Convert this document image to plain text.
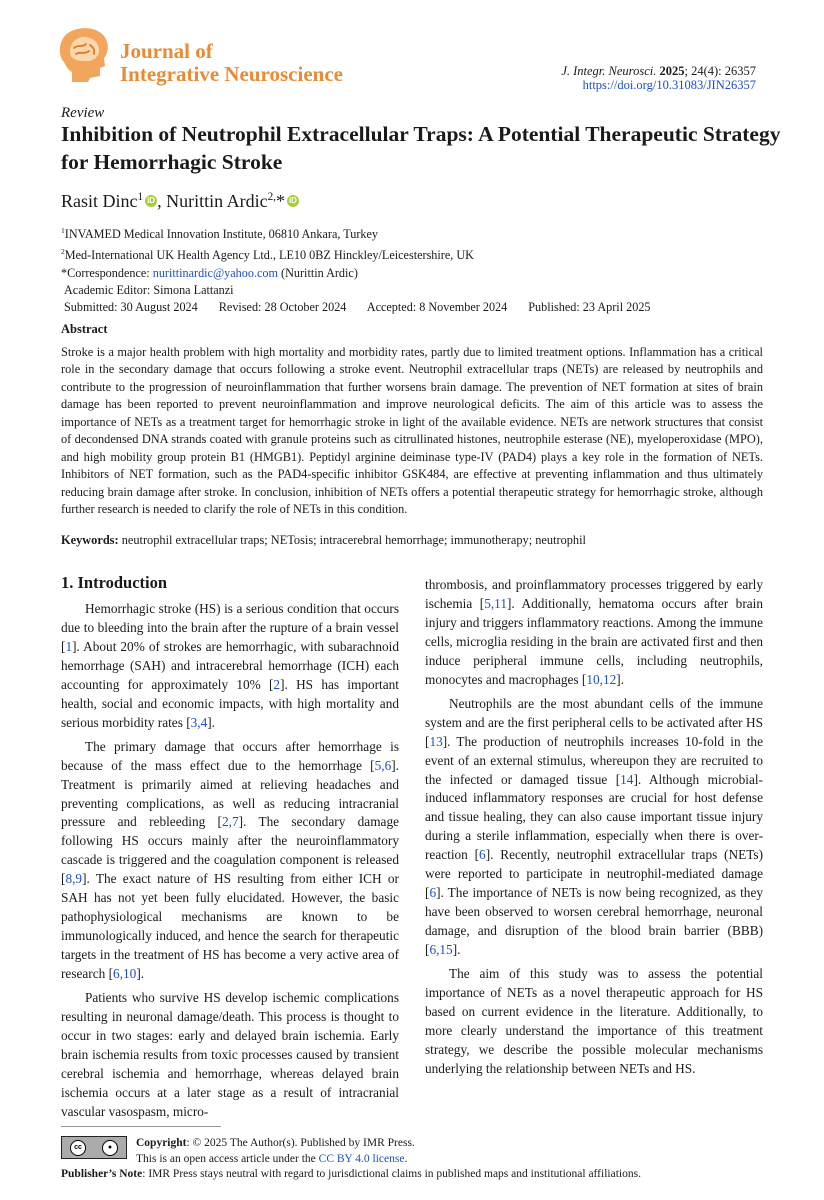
Journal of
Integrative Neuroscience	J. Integr. Neurosci. 2025; 24(4): 26357
https://doi.org/10.31083/JIN26357
Review
Inhibition of Neutrophil Extracellular Traps: A Potential Therapeutic Strategy for Hemorrhagic Stroke
Rasit Dinc$^1$ iD , Nurittin Ardic$^{2,}$* iD
$^1$INVAMED Medical Innovation Institute, 06810 Ankara, Turkey
$^2$Med-International UK Health Agency Ltd., LE10 0BZ Hinckley/Leicestershire, UK
*Correspondence: nurittinardic@yahoo.com (Nurittin Ardic)
Academic Editor: Simona Lattanzi
Submitted: 30 August 2024 Revised: 28 October 2024 Accepted: 8 November 2024 Published: 23 April 2025
Abstract

Stroke is a major health problem with high mortality and morbidity rates, partly due to limited treatment options. Inflammation has a critical role in the secondary damage that occurs following a stroke event. Neutrophil extracellular traps (NETs) are released by neutrophils and contribute to the progression of neuroinflammation that further worsens brain damage. The prevention of NET formation at sites of brain damage has been reported to prevent neuroinflammation and improve neurological deficits. The aim of this article was to assess the importance of NETs as a treatment target for hemorrhagic stroke in light of the available evidence. NETs are network structures that consist of decondensed DNA strands coated with granule proteins such as citrullinated histones, neutrophile esterase (NE), myeloperoxidase (MPO), and high mobility group protein B1 (HMGB1). Peptidyl arginine deiminase type-IV (PAD4) plays a key role in the formation of NETs. Inhibitors of NET formation, such as the PAD4-specific inhibitor GSK484, are effective at preventing inflammation and thus ultimately reducing brain damage after stroke. In conclusion, inhibition of NETs offers a potential therapeutic strategy for hemorrhagic stroke, although further research is needed to clarify the role of NETs in this condition.

Keywords: neutrophil extracellular traps; NETosis; intracerebral hemorrhage; immunotherapy; neutrophil
1. Introduction

Hemorrhagic stroke (HS) is a serious condition that occurs due to bleeding into the brain after the rupture of a brain vessel [1]. About 20% of strokes are hemorrhagic, with subarachnoid hemorrhage (SAH) and intracerebral hemorrhage (ICH) each accounting for approximately 10% [2]. HS has important health, social and economic impacts, with high mortality and serious morbidity rates [3,4].

The primary damage that occurs after hemorrhage is because of the mass effect due to the hemorrhage [5,6]. Treatment is primarily aimed at relieving headaches and preventing complications, as well as reducing intracranial pressure and rebleeding [2,7]. The secondary damage following HS occurs mainly after the neuroinflammatory cascade is triggered and the coagulation component is released [8,9]. The exact nature of HS resulting from either ICH or SAH has not yet been fully elucidated. However, the basic pathophysiological mechanisms are known to be immunologically induced, and hence the search for therapeutic targets in the treatment of HS has become a very active area of research [6,10].

Patients who survive HS develop ischemic complications resulting in neuronal damage/death. This process is thought to occur in two stages: early and delayed brain ischemia. Early brain ischemia results from toxic processes caused by transient cerebral ischemia and hemorrhage, whereas delayed brain ischemia occurs at a later stage as a result of intracranial vascular vasospasm, micro-

thrombosis, and proinflammatory processes triggered by early ischemia [5,11]. Additionally, hematoma occurs after brain injury and triggers inflammatory reactions. Among the immune cells, microglia residing in the brain are activated first and then induce peripheral immune cells, including neutrophils, monocytes and macrophages [10,12].

Neutrophils are the most abundant cells of the immune system and are the first peripheral cells to be activated after HS [13]. The production of neutrophils increases 10-fold in the event of an external stimulus, whereupon they are recruited to the infected or damaged tissue [14]. Although microbial-induced inflammatory responses are crucial for host defense and tissue healing, they can also cause important tissue injury during a sterile inflammation, especially when there is over-reaction [6]. Recently, neutrophil extracellular traps (NETs) were reported to participate in neutrophil-mediated damage [6]. The importance of NETs is now being recognized, as they have been observed to worsen cerebral hemorrhage, neuronal damage, and disruption of the blood brain barrier (BBB) [6,15].

The aim of this study was to assess the potential importance of NETs as a novel therapeutic approach for HS based on current evidence in the literature. Additionally, to more clearly understand the importance of this treatment strategy, we describe the possible molecular mechanisms underlying the relationship between NETs and HS.

cc	●	Copyright: © 2025 The Author(s). Published by IMR Press.
This is an open access article under the CC BY 4.0 license.
Publisher’s Note: IMR Press stays neutral with regard to jurisdictional claims in published maps and institutional affiliations.
